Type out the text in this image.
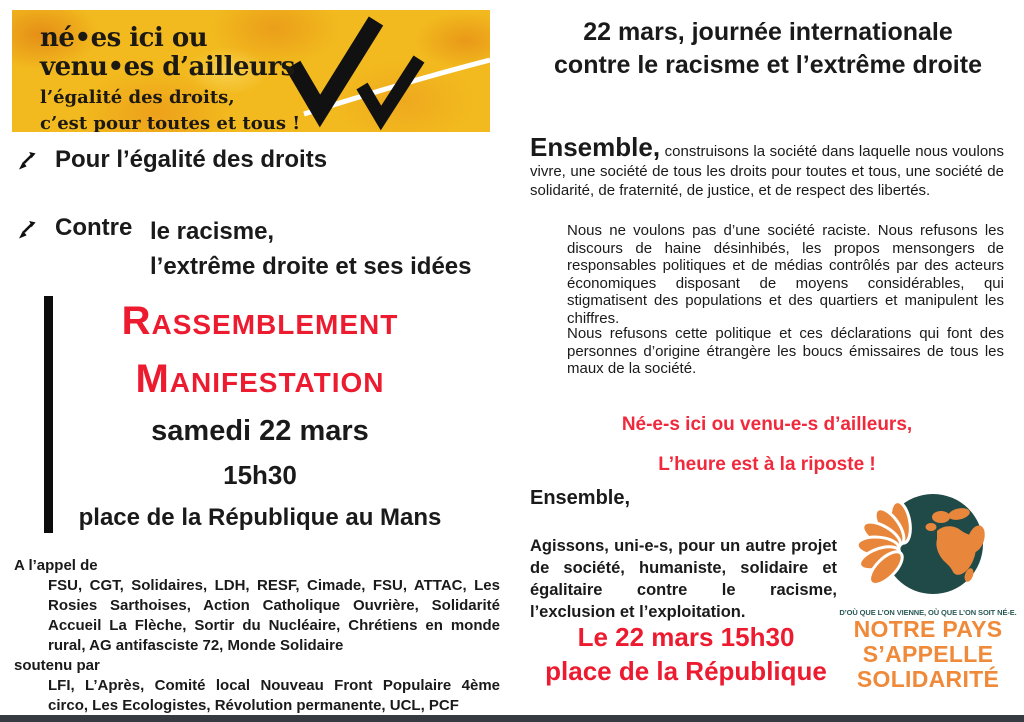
né•es ici ou
venu•es d’ailleurs
l’égalité des droits,
c’est pour toutes et tous !
Pour l’égalité des droits
Contre le racisme,
l’extrême droite et ses idées
Rassemblement
Manifestation
samedi 22 mars
15h30
place de la République au Mans
A l’appel de
FSU, CGT, Solidaires, LDH, RESF, Cimade, FSU, ATTAC, Les Rosies Sarthoises, Action Catholique Ouvrière, Solidarité Accueil La Flèche, Sortir du Nucléaire, Chrétiens en monde rural, AG antifasciste 72, Monde Solidaire
soutenu par
LFI, L’Après, Comité local Nouveau Front Populaire 4ème circo, Les Ecologistes, Révolution permanente, UCL, PCF
22 mars, journée internationale
contre le racisme et l’extrême droite
Ensemble, construisons la société dans laquelle nous voulons vivre, une société de tous les droits pour toutes et tous, une société de solidarité, de fraternité, de justice, et de respect des libertés.
Nous ne voulons pas d’une société raciste. Nous refusons les discours de haine désinhibés, les propos mensongers de responsables politiques et de médias contrôlés par des acteurs économiques disposant de moyens considérables, qui stigmatisent des populations et des quartiers et manipulent les chiffres.
Nous refusons cette politique et ces déclarations qui font des personnes d’origine étrangère les boucs émissaires de tous les maux de la société.
Né-e-s ici ou venu-e-s d’ailleurs,
L’heure est à la riposte !
Ensemble,
Agissons, uni-e-s, pour un autre projet de société, humaniste, solidaire et égalitaire contre le racisme, l’exclusion et l’exploitation.
Le 22 mars 15h30
place de la République
D’OÙ QUE L’ON VIENNE, OÙ QUE L’ON SOIT NÉ-E.
NOTRE PAYS
S’APPELLE
SOLIDARITÉ
